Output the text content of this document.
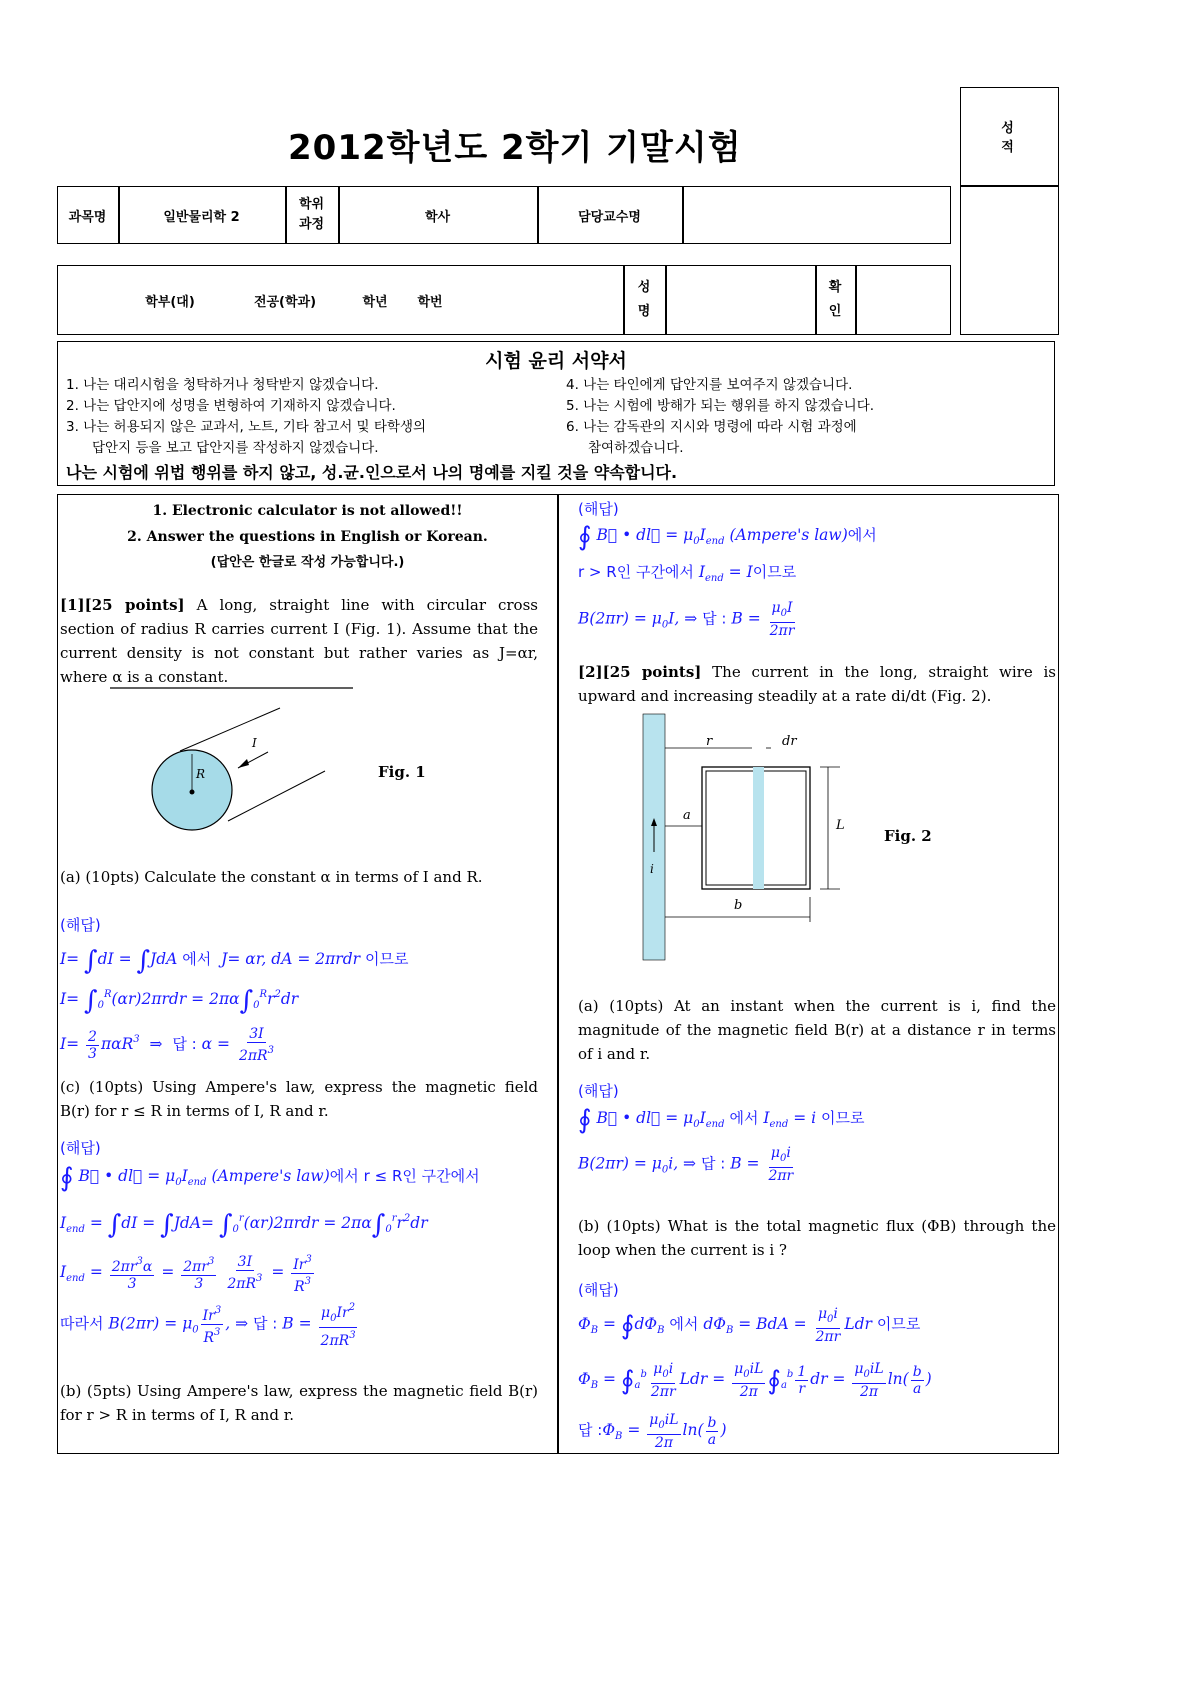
2012학년도 2학기 기말시험	성 적
과목명	일반물리학 2
학위
과정	학사	담당교수명
학부(대)	전공(학과)	학년	학번
성
명
확
인
시험 윤리 서약서
1. 나는 대리시험을 청탁하거나 청탁받지 않겠습니다.
2. 나는 답안지에 성명을 변형하여 기재하지 않겠습니다.
3. 나는 허용되지 않은 교과서, 노트, 기타 참고서 및 타학생의
답안지 등을 보고 답안지를 작성하지 않겠습니다.
4. 나는 타인에게 답안지를 보여주지 않겠습니다.
5. 나는 시험에 방해가 되는 행위를 하지 않겠습니다.
6. 나는 감독관의 지시와 명령에 따라 시험 과정에
참여하겠습니다.
나는 시험에 위법 행위를 하지 않고, 성.균.인으로서 나의 명예를 지킬 것을 약속합니다.
1. Electronic calculator is not allowed!!
2. Answer the questions in English or Korean.
(답안은 한글로 작성 가능합니다.)
[1][25 points] A long, straight line with circular cross section of radius R carries current I (Fig. 1). Assume that the current density is not constant but rather varies as J=αr, where α is a constant.
I
R	Fig. 1
(a) (10pts) Calculate the constant α in terms of I and R.
(해답)
I= ∫dI = ∫JdA 에서  J= αr, dA = 2πrdr 이므로
$I= \int_0^R(\alpha r)2\pi rdr = 2\pi\alpha\int_0^Rr^2dr$
$I= \frac{2}{3} \pi\alpha R^3$  ⇒  답 : $\alpha = \frac{3I}{2\pi R^3}$
(c) (10pts) Using Ampere's law, express the magnetic field B(r) for r ≤ R in terms of I, R and r.
(해답)
∮ B⃗ • dl⃗ = $\mu_0I_{end}$ (Ampere's law)에서 r ≤ R인 구간에서
$I_{end} = \int dI = \int JdA= \int_0^r(\alpha r)2\pi rdr = 2\pi\alpha\int_0^rr^2dr$
$I_{end} = \frac{2\pi r^3\alpha}{3} = \frac{2\pi r^3}{3}$
$\frac{3I}{2\pi R^3} = \frac{Ir^3}{R^3}$
따라서 $B(2\pi r) = \mu_0 \frac{Ir^3}{R^3}$ , ⇒ 답 : $B = \frac{\mu_0Ir^2}{2\pi R^3}$
(b) (5pts) Using Ampere's law, express the magnetic field B(r) for r > R in terms of I, R and r.
(해답)
∮ B⃗ • dl⃗ = $\mu_0I_{end}$ (Ampere's law)에서
r > R인 구간에서 $I_{end} = I$이므로
$B(2\pi r) = \mu_0I$, ⇒ 답 : $B = \frac{\mu_0I}{2\pi r}$
[2][25 points] The current in the long, straight wire is upward and increasing steadily at a rate di/dt (Fig. 2).
r	dr
a
L
b
i
Fig. 2
(a) (10pts) At an instant when the current is i, find the magnitude of the magnetic field B(r) at a distance r in terms of i and r.
(해답)
∮ B⃗ • dl⃗ = $\mu_0I_{end}$ 에서 $I_{end} = i$ 이므로
$B(2\pi r) = \mu_0i$, ⇒ 답 : $B = \frac{\mu_0i}{2\pi r}$
(b) (10pts) What is the total magnetic flux (ΦB) through the loop when the current is i ?
(해답)
$\Phi_B$ = $∮d\Phi_B$ 에서 $d\Phi_B$ = BdA = $\frac{\mu_0i}{2\pi r}$ Ldr 이므로
$\Phi_B$ = $∮_a^b \frac{\mu_0i}{2\pi r}$ Ldr = $\frac{\mu_0iL}{2\pi}$ $∮_a^b \frac{1}{r}$ dr = $\frac{\mu_0iL}{2\pi} \ln( \frac{b}{a}$ )
답 $:\Phi_B = \frac{\mu_0iL}{2\pi} \ln( \frac{b}{a}$ )
